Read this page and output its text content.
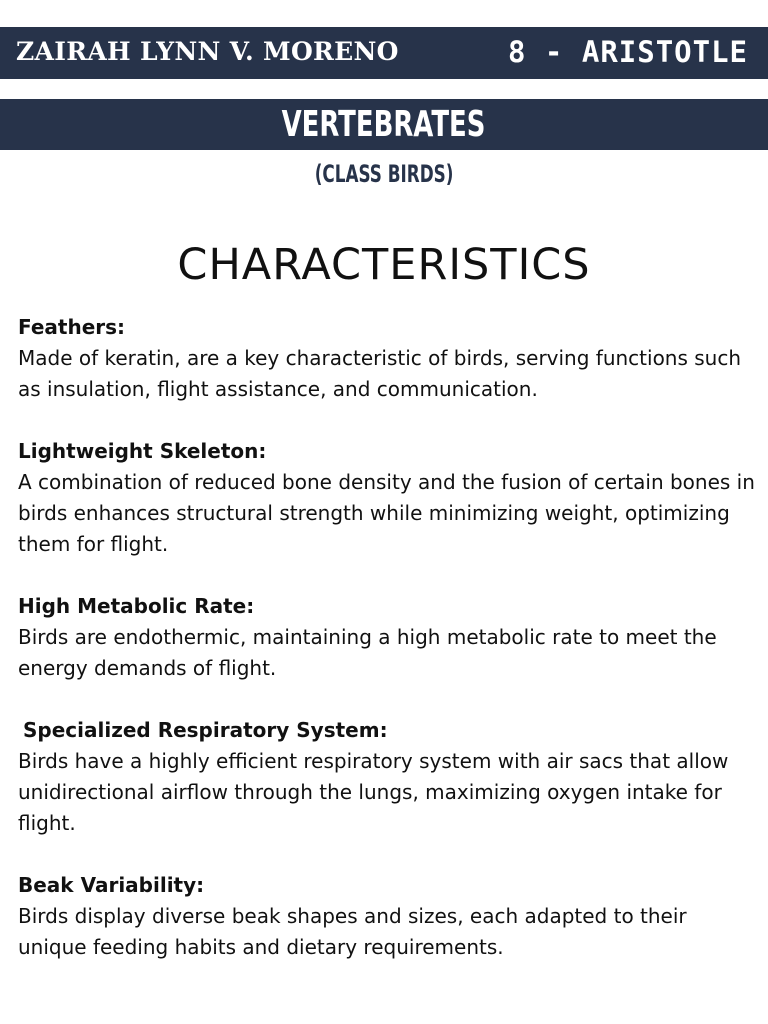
ZAIRAH LYNN V. MORENO	8 - ARISTOTLE
VERTEBRATES
(CLASS BIRDS)
CHARACTERISTICS
Feathers:
Made of keratin, are a key characteristic of birds, serving functions such as insulation, flight assistance, and communication.
Lightweight Skeleton:
A combination of reduced bone density and the fusion of certain bones in birds enhances structural strength while minimizing weight, optimizing them for flight.
High Metabolic Rate:
Birds are endothermic, maintaining a high metabolic rate to meet the energy demands of flight.
Specialized Respiratory System:
Birds have a highly efficient respiratory system with air sacs that allow unidirectional airflow through the lungs, maximizing oxygen intake for flight.
Beak Variability:
Birds display diverse beak shapes and sizes, each adapted to their unique feeding habits and dietary requirements.
